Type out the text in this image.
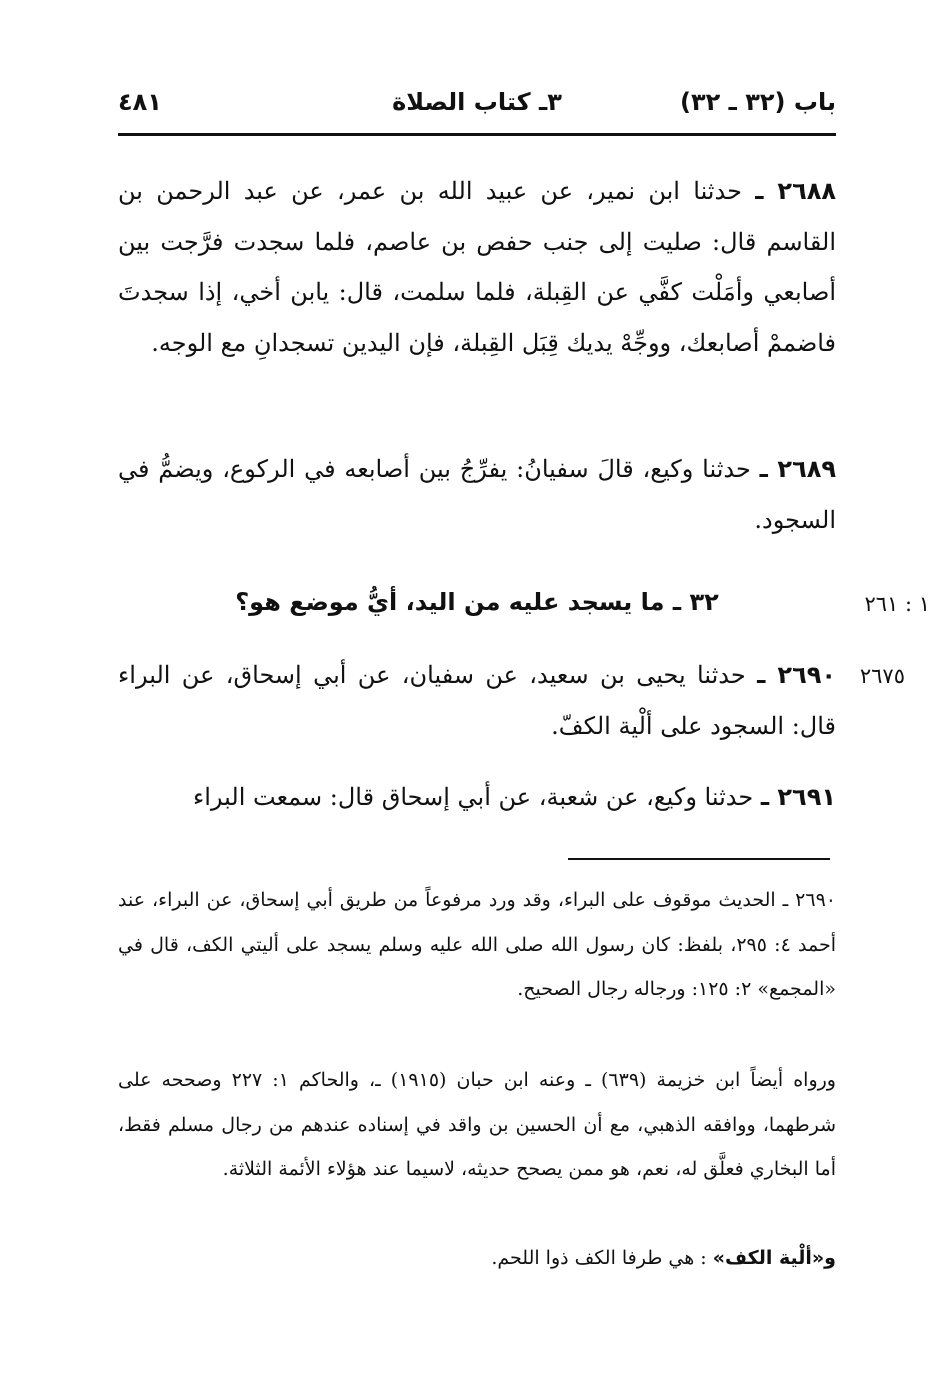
باب (٣٢ ـ ٣٢)
٣ـ كتاب الصلاة
٤٨١

٢٦٨٨ ـ حدثنا ابن نمير، عن عبيد الله بن عمر، عن عبد الرحمن بن القاسم قال: صليت إلى جنب حفص بن عاصم، فلما سجدت فرَّجت بين أصابعي وأمَلْت كفَّي عن القِبلة، فلما سلمت، قال: يابن أخي، إذا سجدتَ فاضممْ أصابعك، ووجِّهْ يديك قِبَل القِبلة، فإن اليدين تسجدانِ مع الوجه.

٢٦٨٩ ـ حدثنا وكيع، قالَ سفيانُ: يفرِّجُ بين أصابعه في الركوع، ويضمُّ في السجود.

٣٢ ـ ما يسجد عليه من اليد، أيُّ موضع هو؟	١ : ٢٦١

٢٦٩٠ ـ حدثنا يحيى بن سعيد، عن سفيان، عن أبي إسحاق، عن البراء قال: السجود على ألْية الكفّ.

٢٦٧٥

٢٦٩١ ـ حدثنا وكيع، عن شعبة، عن أبي إسحاق قال: سمعت البراء

٢٦٩٠ ـ الحديث موقوف على البراء، وقد ورد مرفوعاً من طريق أبي إسحاق، عن البراء، عند أحمد ٤: ٢٩٥، بلفظ: كان رسول الله صلى الله عليه وسلم يسجد على أليتي الكف، قال في «المجمع» ٢: ١٢٥: ورجاله رجال الصحيح.

ورواه أيضاً ابن خزيمة (٦٣٩) ـ وعنه ابن حبان (١٩١٥) ـ، والحاكم ١: ٢٢٧ وصححه على شرطهما، ووافقه الذهبي، مع أن الحسين بن واقد في إسناده عندهم من رجال مسلم فقط، أما البخاري فعلَّق له، نعم، هو ممن يصحح حديثه، لاسيما عند هؤلاء الأئمة الثلاثة.

و«ألْية الكف» : هي طرفا الكف ذوا اللحم.
